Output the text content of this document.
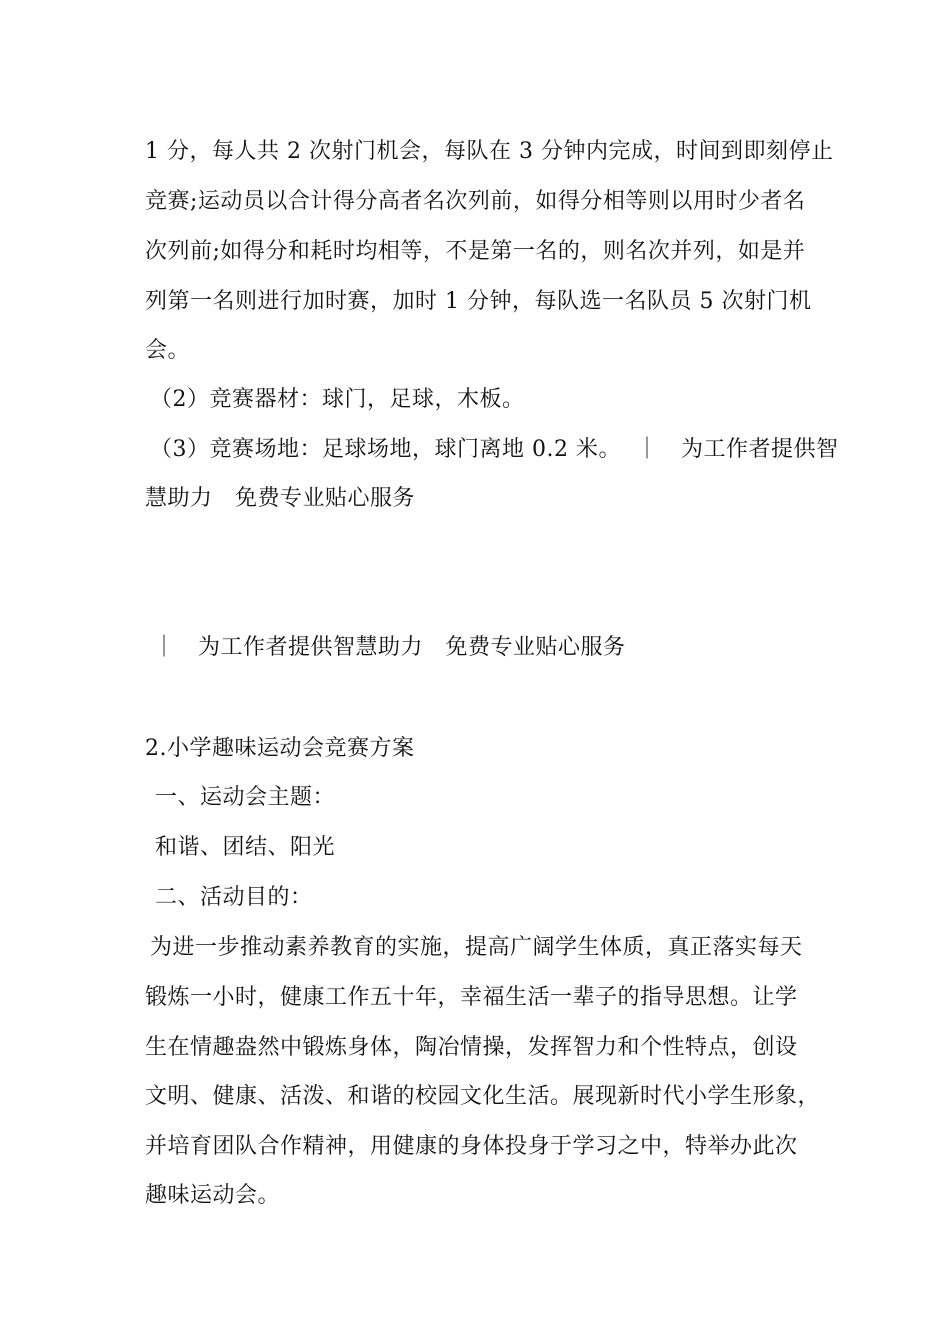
1 分，每人共 2 次射门机会，每队在 3 分钟内完成，时间到即刻停止
竞赛;运动员以合计得分高者名次列前，如得分相等则以用时少者名
次列前;如得分和耗时均相等，不是第一名的，则名次并列，如是并
列第一名则进行加时赛，加时 1 分钟，每队选一名队员 5 次射门机
会。
（2）竞赛器材：球门，足球，木板。
（3）竞赛场地：足球场地，球门离地 0.2 米。  ｜   为工作者提供智
慧助力   免费专业贴心服务
｜   为工作者提供智慧助力   免费专业贴心服务
2.小学趣味运动会竞赛方案
一、运动会主题：
和谐、团结、阳光
二、活动目的：
为进一步推动素养教育的实施，提高广阔学生体质，真正落实每天
锻炼一小时，健康工作五十年，幸福生活一辈子的指导思想。让学
生在情趣盎然中锻炼身体，陶冶情操，发挥智力和个性特点，创设
文明、健康、活泼、和谐的校园文化生活。展现新时代小学生形象，
并培育团队合作精神，用健康的身体投身于学习之中，特举办此次
趣味运动会。
